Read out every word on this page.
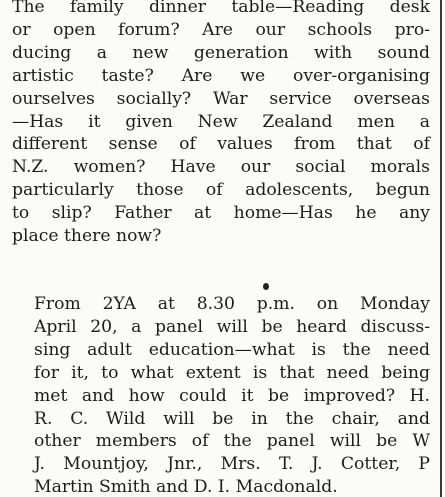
The family dinner table—Reading desk
or open forum? Are our schools pro-
ducing a new generation with sound
artistic taste? Are we over-organising
ourselves socially? War service overseas
—Has it given New Zealand men a
different sense of values from that of
N.Z. women? Have our social morals
particularly those of adolescents, begun
to slip? Father at home—Has he any
place there now?
From 2YA at 8.30 p.m. on Monday
April 20, a panel will be heard discuss-
sing adult education—what is the need
for it, to what extent is that need being
met and how could it be improved? H.
R. C. Wild will be in the chair, and
other members of the panel will be W
J. Mountjoy, Jnr., Mrs. T. J. Cotter, P
Martin Smith and D. I. Macdonald.
